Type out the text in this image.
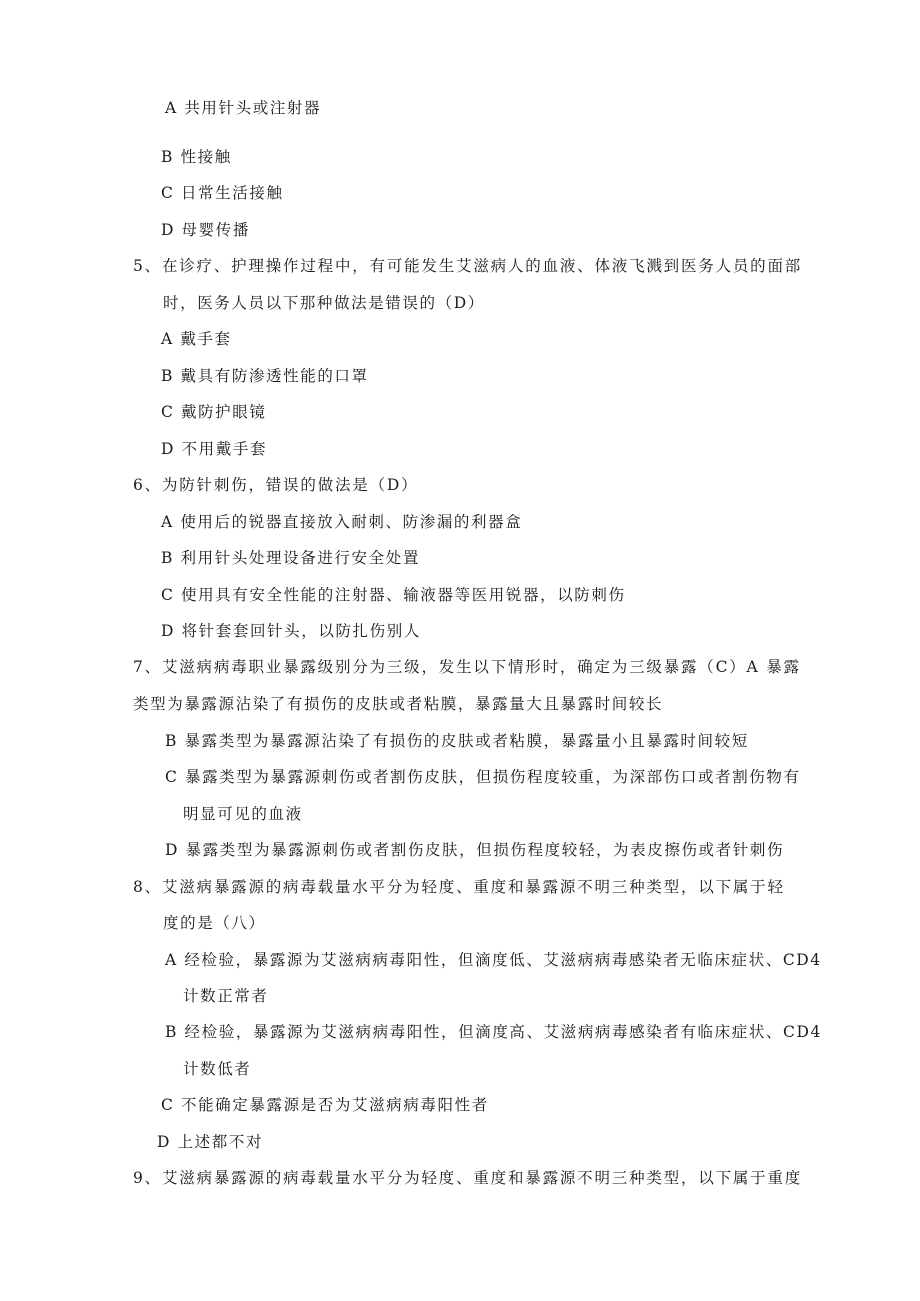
A 共用针头或注射器
B 性接触
C 日常生活接触
D 母婴传播
5、在诊疗、护理操作过程中，有可能发生艾滋病人的血液、体液飞溅到医务人员的面部
时，医务人员以下那种做法是错误的（D）
A 戴手套
B 戴具有防渗透性能的口罩
C 戴防护眼镜
D 不用戴手套
6、为防针刺伤，错误的做法是（D）
A 使用后的锐器直接放入耐刺、防渗漏的利器盒
B 利用针头处理设备进行安全处置
C 使用具有安全性能的注射器、输液器等医用锐器，以防刺伤
D 将针套套回针头，以防扎伤别人
7、艾滋病病毒职业暴露级别分为三级，发生以下情形时，确定为三级暴露（C）A 暴露
类型为暴露源沾染了有损伤的皮肤或者粘膜，暴露量大且暴露时间较长
B 暴露类型为暴露源沾染了有损伤的皮肤或者粘膜，暴露量小且暴露时间较短
C 暴露类型为暴露源刺伤或者割伤皮肤，但损伤程度较重，为深部伤口或者割伤物有
明显可见的血液
D 暴露类型为暴露源刺伤或者割伤皮肤，但损伤程度较轻，为表皮擦伤或者针刺伤
8、艾滋病暴露源的病毒载量水平分为轻度、重度和暴露源不明三种类型，以下属于轻
度的是（八）
A 经检验，暴露源为艾滋病病毒阳性，但滴度低、艾滋病病毒感染者无临床症状、CD4
计数正常者
B 经检验，暴露源为艾滋病病毒阳性，但滴度高、艾滋病病毒感染者有临床症状、CD4
计数低者
C 不能确定暴露源是否为艾滋病病毒阳性者
D 上述都不对
9、艾滋病暴露源的病毒载量水平分为轻度、重度和暴露源不明三种类型，以下属于重度
